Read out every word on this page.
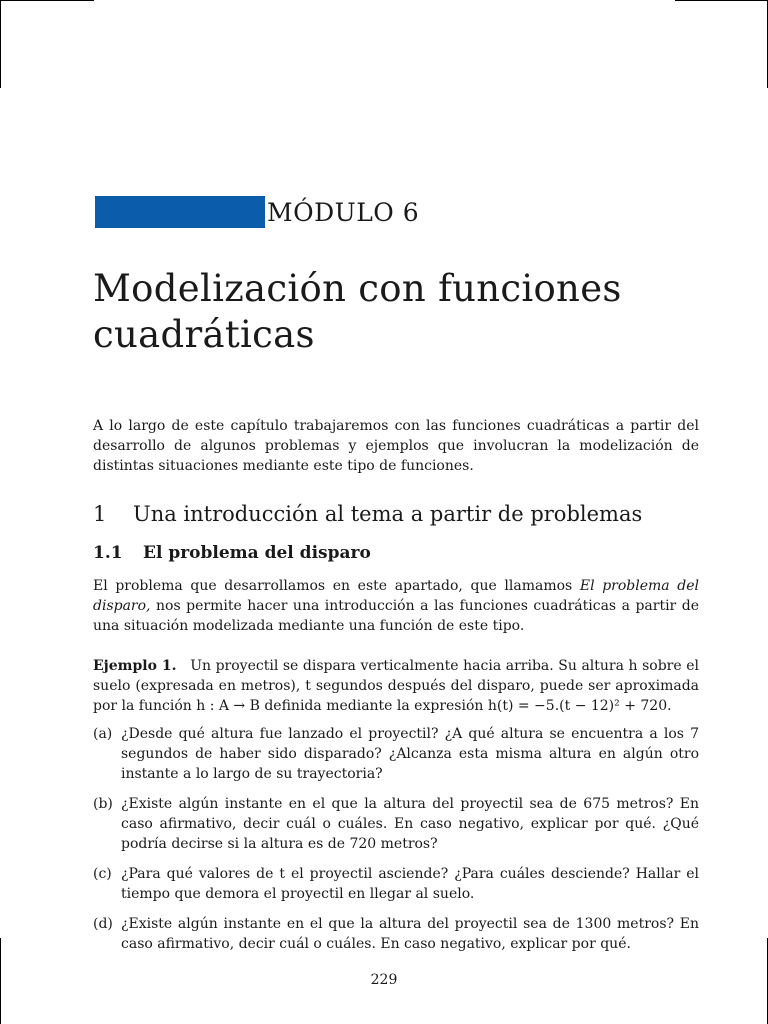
MÓDULO 6
Modelización con funciones cuadráticas

A lo largo de este capítulo trabajaremos con las funciones cuadráticas a partir del desarrollo de algunos problemas y ejemplos que involucran la modelización de distintas situaciones mediante este tipo de funciones.

1 Una introducción al tema a partir de problemas
1.1 El problema del disparo

El problema que desarrollamos en este apartado, que llamamos El problema del disparo, nos permite hacer una introducción a las funciones cuadráticas a partir de una situación modelizada mediante una función de este tipo.

Ejemplo 1. Un proyectil se dispara verticalmente hacia arriba. Su altura h sobre el suelo (expresada en metros), t segundos después del disparo, puede ser aproximada por la función h : A → B definida mediante la expresión h(t) = −5.(t − 12)² + 720.

(a) ¿Desde qué altura fue lanzado el proyectil? ¿A qué altura se encuentra a los 7 segundos de haber sido disparado? ¿Alcanza esta misma altura en algún otro instante a lo largo de su trayectoria?
(b) ¿Existe algún instante en el que la altura del proyectil sea de 675 metros? En caso afirmativo, decir cuál o cuáles. En caso negativo, explicar por qué. ¿Qué podría decirse si la altura es de 720 metros?
(c) ¿Para qué valores de t el proyectil asciende? ¿Para cuáles desciende? Hallar el tiempo que demora el proyectil en llegar al suelo.
(d) ¿Existe algún instante en el que la altura del proyectil sea de 1300 metros? En caso afirmativo, decir cuál o cuáles. En caso negativo, explicar por qué.
229
